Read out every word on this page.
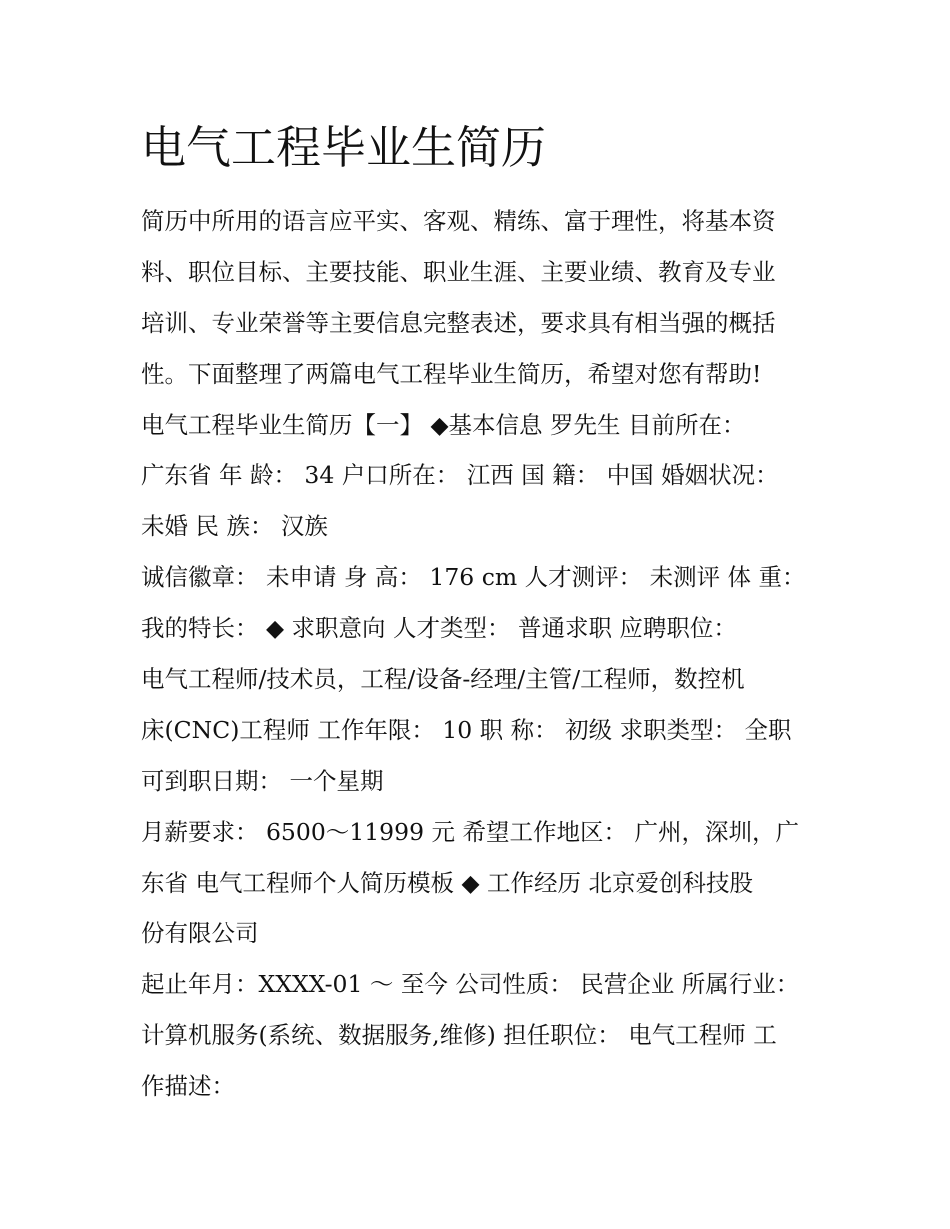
电气工程毕业生简历

简历中所用的语言应平实、客观、精练、富于理性，将基本资

料、职位目标、主要技能、职业生涯、主要业绩、教育及专业

培训、专业荣誉等主要信息完整表述，要求具有相当强的概括

性。下面整理了两篇电气工程毕业生简历，希望对您有帮助!

电气工程毕业生简历【一】 ◆基本信息 罗先生 目前所在：

广东省 年 龄： 34 户口所在： 江西 国 籍： 中国 婚姻状况：

未婚 民 族： 汉族

诚信徽章： 未申请 身 高： 176 cm 人才测评： 未测评 体 重：

我的特长： ◆ 求职意向 人才类型： 普通求职 应聘职位：

电气工程师/技术员，工程/设备-经理/主管/工程师，数控机

床(CNC)工程师 工作年限： 10 职 称： 初级 求职类型： 全职

可到职日期： 一个星期

月薪要求： 6500～11999 元 希望工作地区： 广州，深圳，广

东省 电气工程师个人简历模板 ◆ 工作经历 北京爱创科技股

份有限公司

起止年月：XXXX-01 ～ 至今 公司性质： 民营企业 所属行业：

计算机服务(系统、数据服务,维修) 担任职位： 电气工程师 工

作描述：
